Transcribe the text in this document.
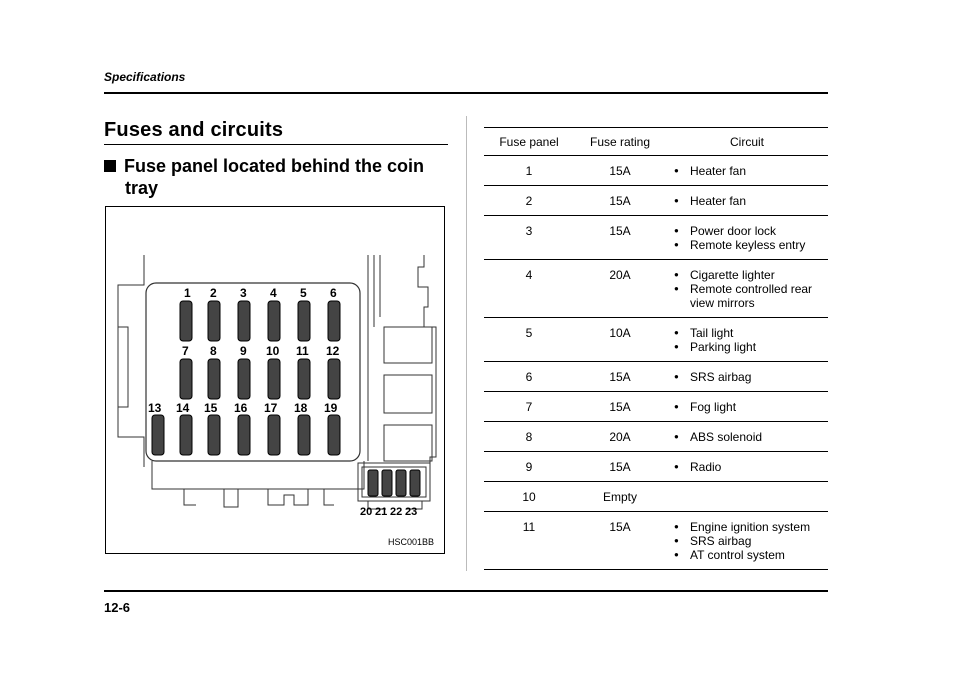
Specifications
Fuses and circuits
Fuse panel located behind the coin
tray
1 2 3 4 5 6
7 8 9 10 11 12
13 14 15 16 17 18 19
20 21 22 23
HSC001BB
Fuse panel	Fuse rating	Circuit
1	15A	● Heater fan

2	15A	● Heater fan

3	15A	● Power door lock
● Remote keyless entry

4	20A	● Cigarette lighter
● Remote controlled rear view mirrors

5	10A	● Tail light
● Parking light

6	15A	● SRS airbag

7	15A	● Fog light

8	20A	● ABS solenoid

9	15A	● Radio

10	Empty	
11	15A	● Engine ignition system
● SRS airbag
● AT control system
12-6
